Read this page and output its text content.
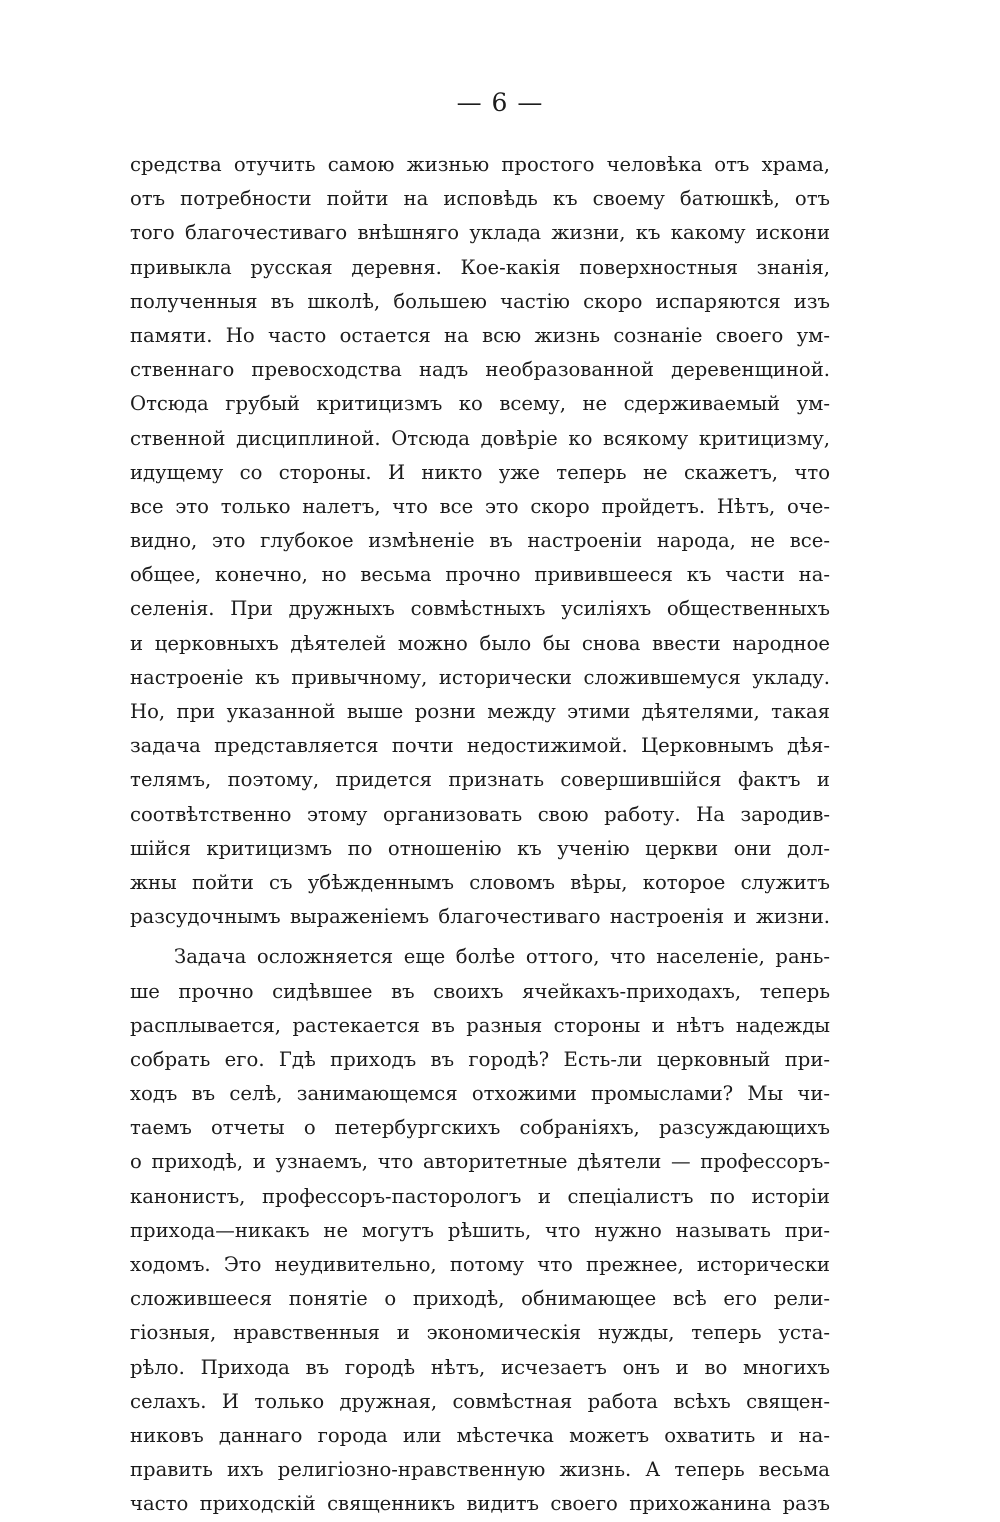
— 6 —
средства отучить самою жизнью простого человѣка отъ храма,
отъ потребности пойти на исповѣдь къ своему батюшкѣ, отъ
того благочестиваго внѣшняго уклада жизни, къ какому искони
привыкла русская деревня. Кое-какія поверхностныя знанія,
полученныя въ школѣ, большею частію скоро испаряются изъ
памяти. Но часто остается на всю жизнь сознаніе своего ум-
ственнаго превосходства надъ необразованной деревенщиной.
Отсюда грубый критицизмъ ко всему, не сдерживаемый ум-
ственной дисциплиной. Отсюда довѣріе ко всякому критицизму,
идущему со стороны. И никто уже теперь не скажетъ, что
все это только налетъ, что все это скоро пройдетъ. Нѣтъ, оче-
видно, это глубокое измѣненіе въ настроеніи народа, не все-
общее, конечно, но весьма прочно привившееся къ части на-
селенія. При дружныхъ совмѣстныхъ усиліяхъ общественныхъ
и церковныхъ дѣятелей можно было бы снова ввести народное
настроеніе къ привычному, исторически сложившемуся укладу.
Но, при указанной выше розни между этими дѣятелями, такая
задача представляется почти недостижимой. Церковнымъ дѣя-
телямъ, поэтому, придется признать совершившійся фактъ и
соотвѣтственно этому организовать свою работу. На зародив-
шійся критицизмъ по отношенію къ ученію церкви они дол-
жны пойти съ убѣжденнымъ словомъ вѣры, которое служитъ
разсудочнымъ выраженіемъ благочестиваго настроенія и жизни.
Задача осложняется еще болѣе оттого, что населеніе, рань-
ше прочно сидѣвшее въ своихъ ячейкахъ-приходахъ, теперь
расплывается, растекается въ разныя стороны и нѣтъ надежды
собрать его. Гдѣ приходъ въ городѣ? Есть-ли церковный при-
ходъ въ селѣ, занимающемся отхожими промыслами? Мы чи-
таемъ отчеты о петербургскихъ собраніяхъ, разсуждающихъ
о приходѣ, и узнаемъ, что авторитетные дѣятели — профессоръ-
канонистъ, профессоръ-пасторологъ и спеціалистъ по исторіи
прихода—никакъ не могутъ рѣшить, что нужно называть при-
ходомъ. Это неудивительно, потому что прежнее, исторически
сложившееся понятіе о приходѣ, обнимающее всѣ его рели-
гіозныя, нравственныя и экономическія нужды, теперь уста-
рѣло. Прихода въ городѣ нѣтъ, исчезаетъ онъ и во многихъ
селахъ. И только дружная, совмѣстная работа всѣхъ священ-
никовъ даннаго города или мѣстечка можетъ охватить и на-
править ихъ религіозно-нравственную жизнь. А теперь весьма
часто приходскій священникъ видитъ своего прихожанина разъ
